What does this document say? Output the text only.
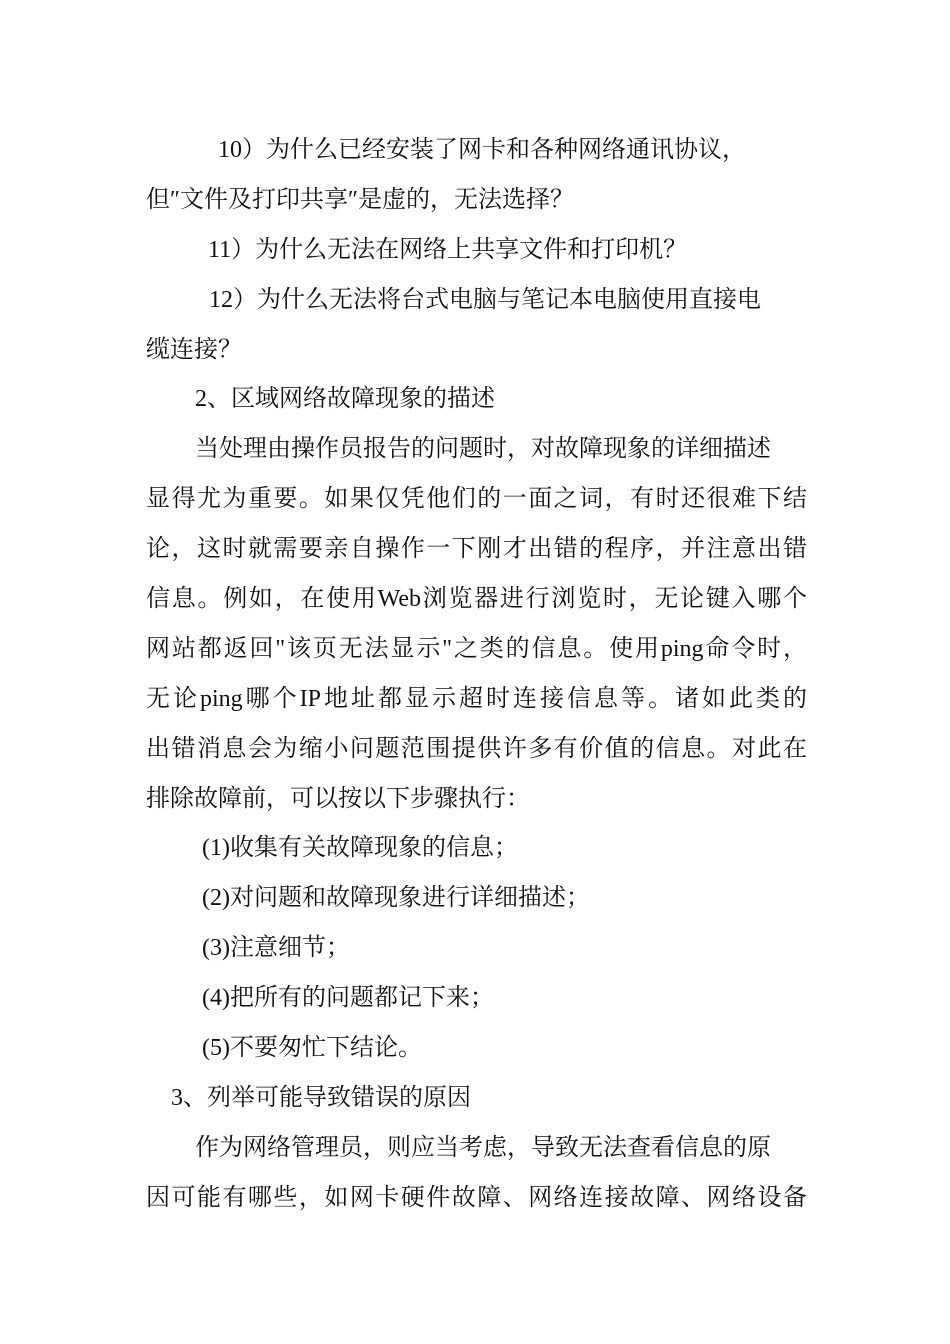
10）为什么已经安装了网卡和各种网络通讯协议，
但″文件及打印共享″是虚的，无法选择？
11）为什么无法在网络上共享文件和打印机？
12）为什么无法将台式电脑与笔记本电脑使用直接电
缆连接？
2、区域网络故障现象的描述
当处理由操作员报告的问题时，对故障现象的详细描述
显得尤为重要。如果仅凭他们的一面之词，有时还很难下结
论，这时就需要亲自操作一下刚才出错的程序，并注意出错
信息。例如，在使用Web浏览器进行浏览时，无论键入哪个
网站都返回"该页无法显示"之类的信息。使用ping命令时，
无论ping哪个IP地址都显示超时连接信息等。诸如此类的
出错消息会为缩小问题范围提供许多有价值的信息。对此在
排除故障前，可以按以下步骤执行：
(1)收集有关故障现象的信息；
(2)对问题和故障现象进行详细描述；
(3)注意细节；
(4)把所有的问题都记下来；
(5)不要匆忙下结论。
3、列举可能导致错误的原因
作为网络管理员，则应当考虑，导致无法查看信息的原
因可能有哪些，如网卡硬件故障、网络连接故障、网络设备
